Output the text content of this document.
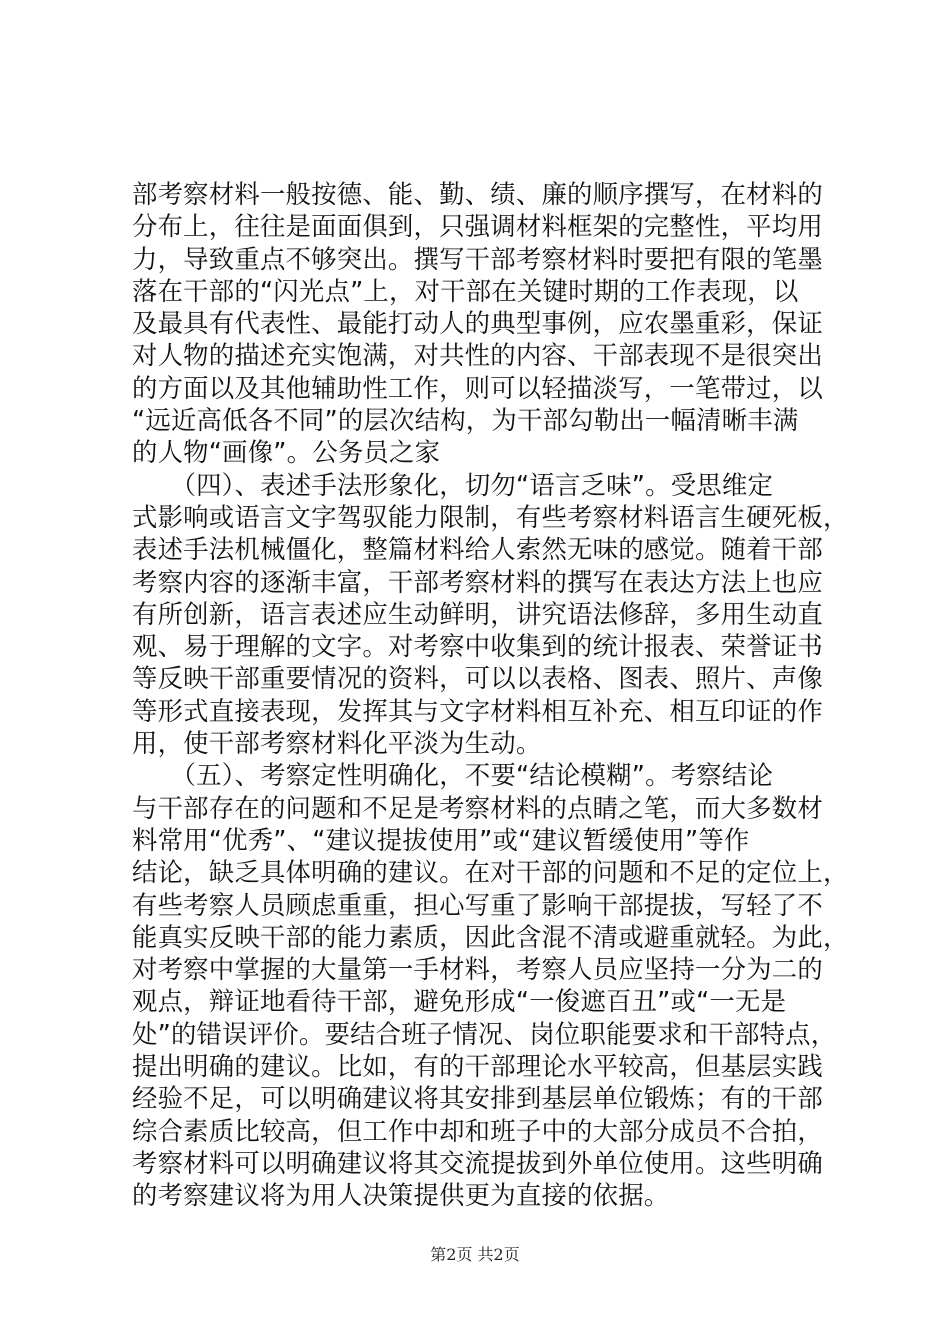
部考察材料一般按德、能、勤、绩、廉的顺序撰写，在材料的
分布上，往往是面面俱到，只强调材料框架的完整性，平均用
力，导致重点不够突出。撰写干部考察材料时要把有限的笔墨
落在干部的“闪光点”上，对干部在关键时期的工作表现，以
及最具有代表性、最能打动人的典型事例，应农墨重彩，保证
对人物的描述充实饱满，对共性的内容、干部表现不是很突出
的方面以及其他辅助性工作，则可以轻描淡写，一笔带过，以
“远近高低各不同”的层次结构，为干部勾勒出一幅清晰丰满
的人物“画像”。公务员之家
　　（四）、表述手法形象化，切勿“语言乏味”。受思维定
式影响或语言文字驾驭能力限制，有些考察材料语言生硬死板，
表述手法机械僵化，整篇材料给人索然无味的感觉。随着干部
考察内容的逐渐丰富，干部考察材料的撰写在表达方法上也应
有所创新，语言表述应生动鲜明，讲究语法修辞，多用生动直
观、易于理解的文字。对考察中收集到的统计报表、荣誉证书
等反映干部重要情况的资料，可以以表格、图表、照片、声像
等形式直接表现，发挥其与文字材料相互补充、相互印证的作
用，使干部考察材料化平淡为生动。
　　（五）、考察定性明确化，不要“结论模糊”。考察结论
与干部存在的问题和不足是考察材料的点睛之笔，而大多数材
料常用“优秀”、“建议提拔使用”或“建议暂缓使用”等作
结论，缺乏具体明确的建议。在对干部的问题和不足的定位上，
有些考察人员顾虑重重，担心写重了影响干部提拔，写轻了不
能真实反映干部的能力素质，因此含混不清或避重就轻。为此，
对考察中掌握的大量第一手材料，考察人员应坚持一分为二的
观点，辩证地看待干部，避免形成“一俊遮百丑”或“一无是
处”的错误评价。要结合班子情况、岗位职能要求和干部特点，
提出明确的建议。比如，有的干部理论水平较高，但基层实践
经验不足，可以明确建议将其安排到基层单位锻炼；有的干部
综合素质比较高，但工作中却和班子中的大部分成员不合拍，
考察材料可以明确建议将其交流提拔到外单位使用。这些明确
的考察建议将为用人决策提供更为直接的依据。
第2页 共2页
